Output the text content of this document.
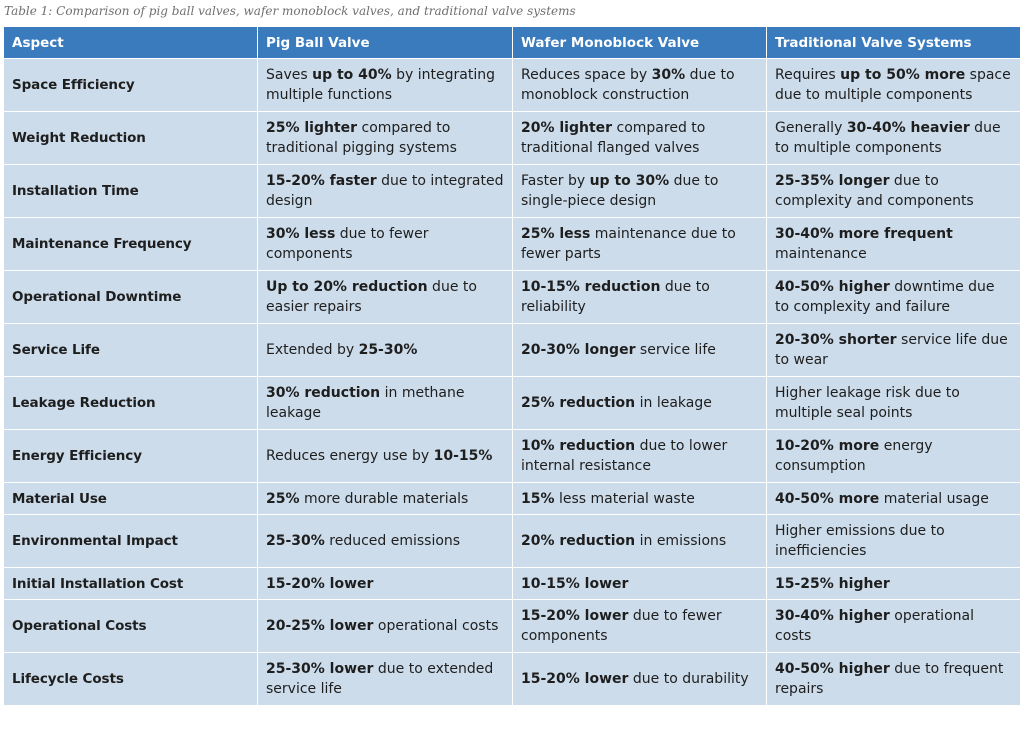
Table 1: Comparison of pig ball valves, wafer monoblock valves, and traditional valve systems
Aspect	Pig Ball Valve	Wafer Monoblock Valve	Traditional Valve Systems
Space Efficiency	Saves up to 40% by integrating multiple functions	Reduces space by 30% due to monoblock construction	Requires up to 50% more space due to multiple components
Weight Reduction	25% lighter compared to traditional pigging systems	20% lighter compared to traditional flanged valves	Generally 30-40% heavier due to multiple components
Installation Time	15-20% faster due to integrated design	Faster by up to 30% due to single-piece design	25-35% longer due to complexity and components
Maintenance Frequency	30% less due to fewer components	25% less maintenance due to fewer parts	30-40% more frequent maintenance
Operational Downtime	Up to 20% reduction due to easier repairs	10-15% reduction due to reliability	40-50% higher downtime due to complexity and failure
Service Life	Extended by 25-30%	20-30% longer service life	20-30% shorter service life due to wear
Leakage Reduction	30% reduction in methane leakage	25% reduction in leakage	Higher leakage risk due to multiple seal points
Energy Efficiency	Reduces energy use by 10-15%	10% reduction due to lower internal resistance	10-20% more energy consumption
Material Use	25% more durable materials	15% less material waste	40-50% more material usage
Environmental Impact	25-30% reduced emissions	20% reduction in emissions	Higher emissions due to inefficiencies
Initial Installation Cost	15-20% lower	10-15% lower	15-25% higher
Operational Costs	20-25% lower operational costs	15-20% lower due to fewer components	30-40% higher operational costs
Lifecycle Costs	25-30% lower due to extended service life	15-20% lower due to durability	40-50% higher due to frequent repairs
